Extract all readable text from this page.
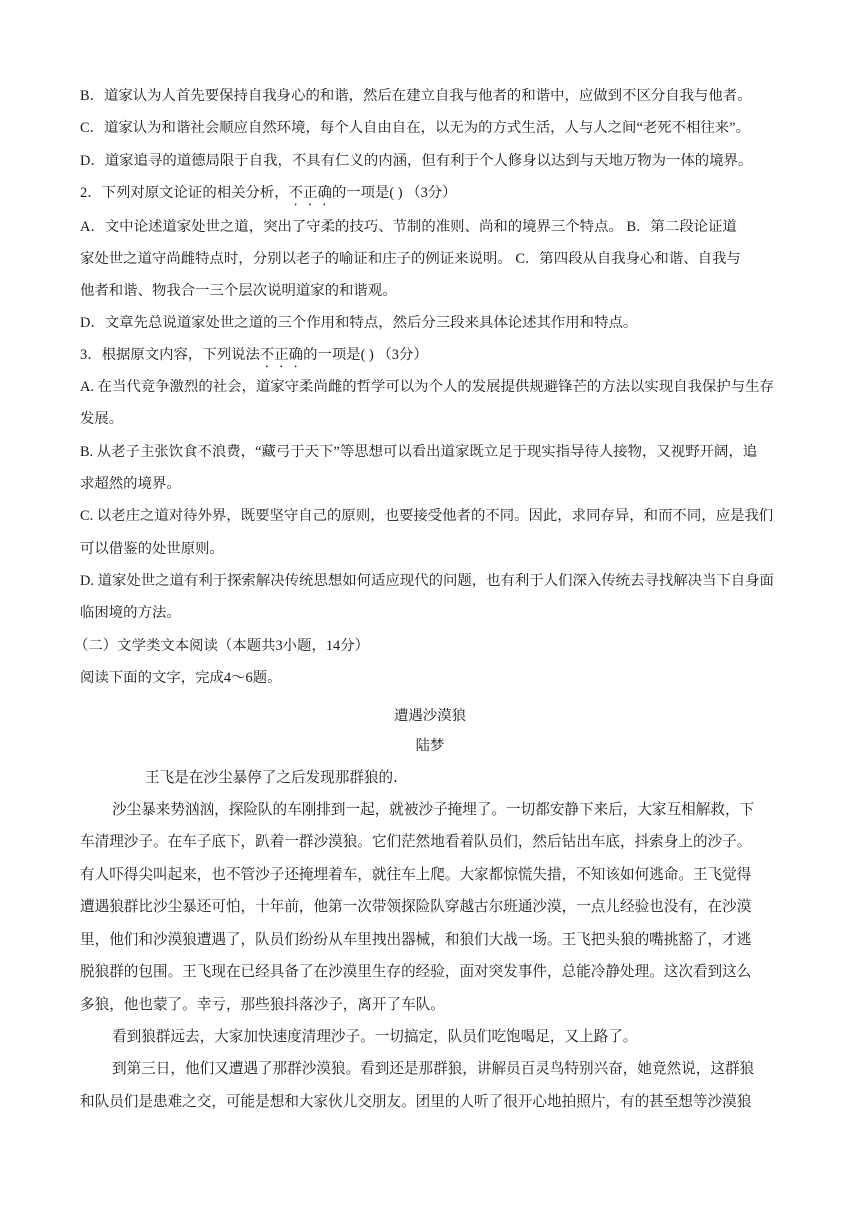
B．道家认为人首先要保持自我身心的和谐，然后在建立自我与他者的和谐中，应做到不区分自我与他者。
C．道家认为和谐社会顺应自然环境，每个人自由自在，以无为的方式生活，人与人之间“老死不相往来”。
D．道家追寻的道德局限于自我，不具有仁义的内涵，但有利于个人修身以达到与天地万物为一体的境界。
2．下列对原文论证的相关分析，不正确的一项是( ) （3分）
A．文中论述道家处世之道，突出了守柔的技巧、节制的准则、尚和的境界三个特点。 B．第二段论证道
家处世之道守尚雌特点时，分别以老子的喻证和庄子的例证来说明。 C．第四段从自我身心和谐、自我与
他者和谐、物我合一三个层次说明道家的和谐观。
D．文章先总说道家处世之道的三个作用和特点，然后分三段来具体论述其作用和特点。
3．根据原文内容，下列说法不正确的一项是( ) （3分）
A. 在当代竞争激烈的社会，道家守柔尚雌的哲学可以为个人的发展提供规避锋芒的方法以实现自我保护与生存
发展。
B. 从老子主张饮食不浪费，“藏弓于天下”等思想可以看出道家既立足于现实指导待人接物，又视野开阔，追
求超然的境界。
C. 以老庄之道对待外界，既要坚守自己的原则，也要接受他者的不同。因此，求同存异，和而不同，应是我们
可以借鉴的处世原则。
D. 道家处世之道有利于探索解决传统思想如何适应现代的问题，也有利于人们深入传统去寻找解决当下自身面
临困境的方法。
（二）文学类文本阅读（本题共3小题，14分）
阅读下面的文字，完成4～6题。
遭遇沙漠狼
陆梦
王飞是在沙尘暴停了之后发现那群狼的.
沙尘暴来势汹汹，探险队的车刚排到一起，就被沙子掩埋了。一切都安静下来后，大家互相解救，下
车清理沙子。在车子底下，趴着一群沙漠狼。它们茫然地看着队员们，然后钻出车底，抖索身上的沙子。
有人吓得尖叫起来，也不管沙子还掩埋着车，就往车上爬。大家都惊慌失措，不知该如何逃命。王飞觉得
遭遇狼群比沙尘暴还可怕，十年前，他第一次带领探险队穿越古尔班通沙漠，一点儿经验也没有，在沙漠
里，他们和沙漠狼遭遇了，队员们纷纷从车里拽出器械，和狼们大战一场。王飞把头狼的嘴挑豁了，才逃
脱狼群的包围。王飞现在已经具备了在沙漠里生存的经验，面对突发事件，总能冷静处理。这次看到这么
多狼，他也蒙了。幸亏，那些狼抖落沙子，离开了车队。
看到狼群远去，大家加快速度清理沙子。一切搞定，队员们吃饱喝足，又上路了。
到第三日，他们又遭遇了那群沙漠狼。看到还是那群狼，讲解员百灵鸟特别兴奋，她竟然说，这群狼
和队员们是患难之交，可能是想和大家伙儿交朋友。团里的人听了很开心地拍照片，有的甚至想等沙漠狼
